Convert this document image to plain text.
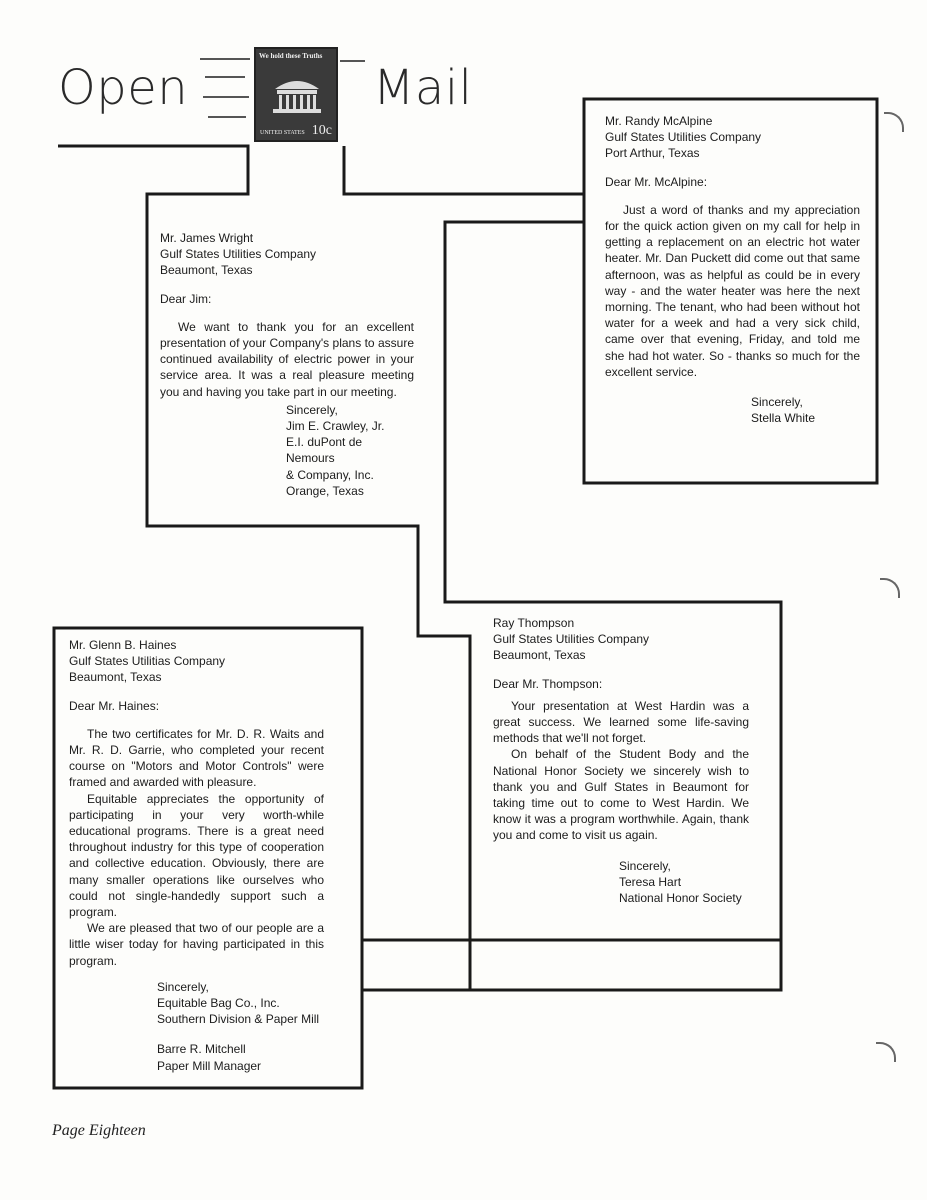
Open	Mail
We hold these Truths
UNITED STATES 10c

Mr. Randy McAlpine

Gulf States Utilities Company

Port Arthur, Texas

Dear Mr. McAlpine:

Just a word of thanks and my appreciation for the quick action given on my call for help in getting a replacement on an electric hot water heater. Mr. Dan Puckett did come out that same afternoon, was as helpful as could be in every way - and the water heater was here the next morning. The tenant, who had been without hot water for a week and had a very sick child, came over that evening, Friday, and told me she had hot water. So - thanks so much for the excellent service.

Sincerely,

Stella White

Mr. James Wright

Gulf States Utilities Company

Beaumont, Texas

Dear Jim:

We want to thank you for an excellent presentation of your Company's plans to assure continued availability of electric power in your service area. It was a real pleasure meeting you and having you take part in our meeting.

Sincerely,

Jim E. Crawley, Jr.

E.I. duPont de Nemours

& Company, Inc.

Orange, Texas

Mr. Glenn B. Haines

Gulf States Utilitias Company

Beaumont, Texas

Dear Mr. Haines:

The two certificates for Mr. D. R. Waits and Mr. R. D. Garrie, who completed your recent course on "Motors and Motor Controls" were framed and awarded with pleasure.

Equitable appreciates the opportunity of participating in your very worth-while educational programs. There is a great need throughout industry for this type of cooperation and collective education. Obviously, there are many smaller operations like ourselves who could not single-handedly support such a program.

We are pleased that two of our people are a little wiser today for having participated in this program.

Sincerely,

Equitable Bag Co., Inc.

Southern Division & Paper Mill

Barre R. Mitchell

Paper Mill Manager

Ray Thompson

Gulf States Utilities Company

Beaumont, Texas

Dear Mr. Thompson:

Your presentation at West Hardin was a great success. We learned some life-saving methods that we'll not forget.

On behalf of the Student Body and the National Honor Society we sincerely wish to thank you and Gulf States in Beaumont for taking time out to come to West Hardin. We know it was a program worthwhile. Again, thank you and come to visit us again.

Sincerely,

Teresa Hart

National Honor Society

Page Eighteen
